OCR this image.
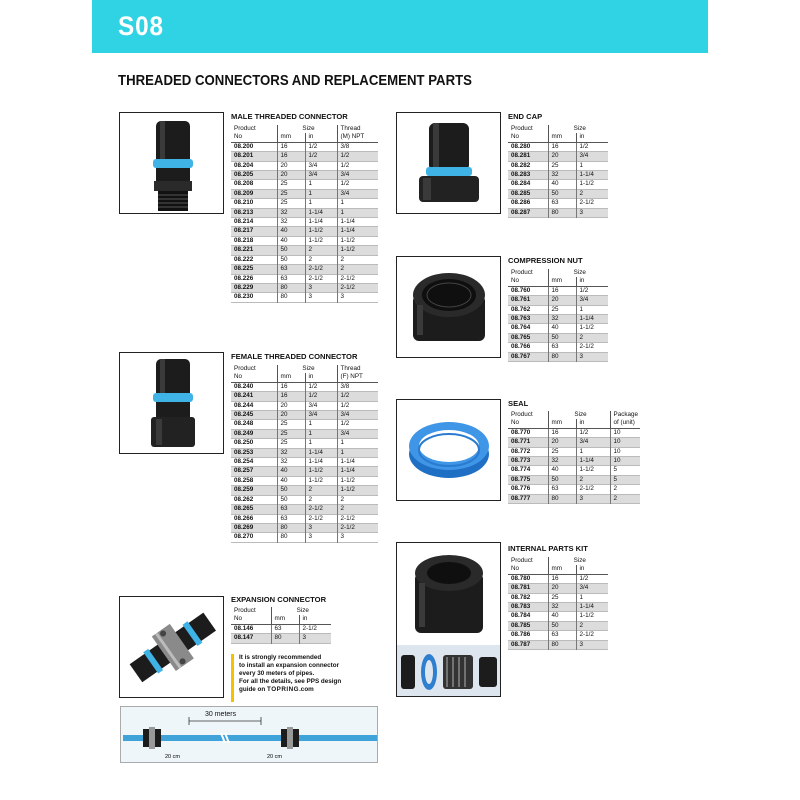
S08
THREADED CONNECTORS AND REPLACEMENT PARTS
MALE THREADED CONNECTOR
Product	Size		Thread
No	mm	in	(M) NPT
08.200	16	1/2	3/8
08.201	16	1/2	1/2
08.204	20	3/4	1/2
08.205	20	3/4	3/4
08.208	25	1	1/2
08.209	25	1	3/4
08.210	25	1	1
08.213	32	1-1/4	1
08.214	32	1-1/4	1-1/4
08.217	40	1-1/2	1-1/4
08.218	40	1-1/2	1-1/2
08.221	50	2	1-1/2
08.222	50	2	2
08.225	63	2-1/2	2
08.226	63	2-1/2	2-1/2
08.229	80	3	2-1/2
08.230	80	3	3
FEMALE THREADED CONNECTOR
Product	Size		Thread
No	mm	in	(F) NPT
08.240	16	1/2	3/8
08.241	16	1/2	1/2
08.244	20	3/4	1/2
08.245	20	3/4	3/4
08.248	25	1	1/2
08.249	25	1	3/4
08.250	25	1	1
08.253	32	1-1/4	1
08.254	32	1-1/4	1-1/4
08.257	40	1-1/2	1-1/4
08.258	40	1-1/2	1-1/2
08.259	50	2	1-1/2
08.262	50	2	2
08.265	63	2-1/2	2
08.266	63	2-1/2	2-1/2
08.269	80	3	2-1/2
08.270	80	3	3
EXPANSION CONNECTOR
Product	Size	
No	mm	in
08.146	63	2-1/2
08.147	80	3
It is strongly recommended
to install an expansion connector
every 30 meters of pipes.
For all the details, see PPS design
guide on TOPRING.com
20 cm	20 cm
30 meters
END CAP
Product	Size	
No	mm	in
08.280	16	1/2
08.281	20	3/4
08.282	25	1
08.283	32	1-1/4
08.284	40	1-1/2
08.285	50	2
08.286	63	2-1/2
08.287	80	3
COMPRESSION NUT
Product	Size	
No	mm	in
08.760	16	1/2
08.761	20	3/4
08.762	25	1
08.763	32	1-1/4
08.764	40	1-1/2
08.765	50	2
08.766	63	2-1/2
08.767	80	3
SEAL
Product	Size		Package
No	mm	in	of (unit)
08.770	16	1/2	10
08.771	20	3/4	10
08.772	25	1	10
08.773	32	1-1/4	10
08.774	40	1-1/2	5
08.775	50	2	5
08.776	63	2-1/2	2
08.777	80	3	2
INTERNAL PARTS KIT
Product	Size	
No	mm	in
08.780	16	1/2
08.781	20	3/4
08.782	25	1
08.783	32	1-1/4
08.784	40	1-1/2
08.785	50	2
08.786	63	2-1/2
08.787	80	3
